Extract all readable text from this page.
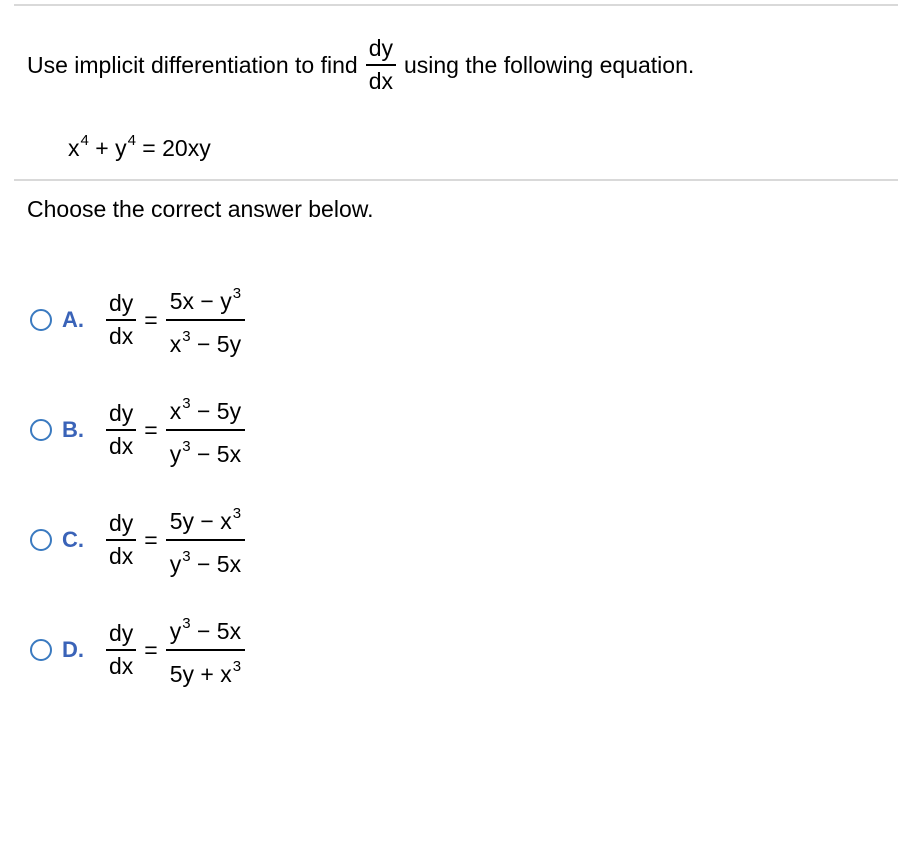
Use implicit differentiation to find $\frac{dy}{dx}$ using the following equation.
$x^4 + y^4 = 20xy$
Choose the correct answer below.
A. $\frac{dy}{dx} = \frac{5x - y^3}{x^3 - 5y}$
B. $\frac{dy}{dx} = \frac{x^3 - 5y}{y^3 - 5x}$
C. $\frac{dy}{dx} = \frac{5y - x^3}{y^3 - 5x}$
D. $\frac{dy}{dx} = \frac{y^3 - 5x}{5y + x^3}$
